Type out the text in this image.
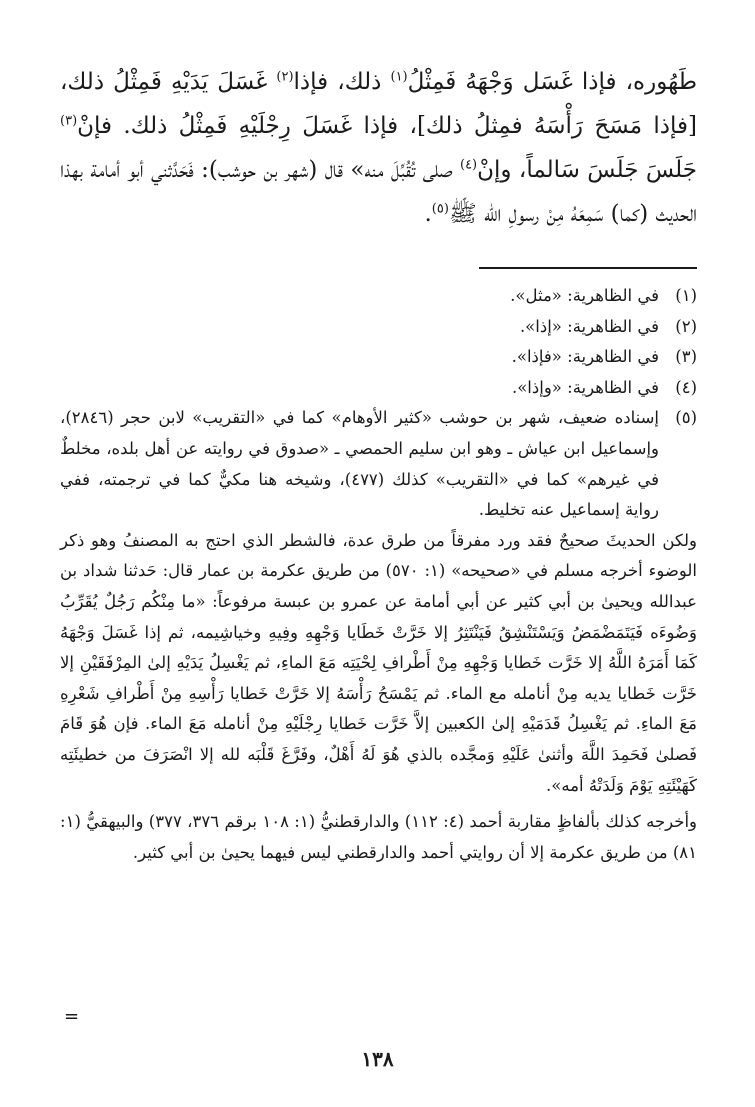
طَهُوره، فإذا غَسَل وَجْهَهُ فَمِثْلُ$^{(١)}$ ذلك، فإذا$^{(٢)}$ غَسَلَ يَدَيْهِ فَمِثْلُ ذلك، [فإذا مَسَحَ رَأْسَهُ فمِثلُ ذلك]، فإذا غَسَلَ رِجْلَيْهِ فَمِثْلُ ذلك. فإنْ$^{(٣)}$ جَلَسَ جَلَسَ سَالماً، وإنْ$^{(٤)}$ صلى تُقُبِّلَ منه» قال (شهر بن حوشب): فَحَدَّثني أبو أمامة بهذا الحديث (كما) سَمِعَهُ مِنْ رسولِ الله ﷺ$^{(٥)}$.

(١)
في الظاهرية: «مثل».
(٢)
في الظاهرية: «إذا».
(٣)
في الظاهرية: «فإذا».
(٤)
في الظاهرية: «وإذا».
(٥)
إسناده ضعيف، شهر بن حوشب «كثير الأوهام» كما في «التقريب» لابن حجر (٢٨٤٦)، وإسماعيل ابن عياش ـ وهو ابن سليم الحمصي ـ «صدوق في روايته عن أهل بلده، مخلطٌ في غيرهم» كما في «التقريب» كذلك (٤٧٧)، وشيخه هنا مكيٌّ كما في ترجمته، ففي رواية إسماعيل عنه تخليط.

ولكن الحديثَ صحيحٌ فقد ورد مفرقاً من طرق عدة، فالشطر الذي احتج به المصنفُ وهو ذكر الوضوء أخرجه مسلم في «صحيحه» (١: ٥٧٠) من طريق عكرمة بن عمار قال: حَدثنا شداد بن عبدالله ويحيىٰ بن أبي كثير عن أبي أمامة عن عمرو بن عبسة مرفوعاً: «ما مِنْكُم رَجُلٌ يُقَرِّبُ وَضُوءَه فَيَتَمَضْمَضُ وَيَسْتَنْشِقُ فَيَنْتَثِرُ إلا خَرَّتْ خَطَايا وَجْهِهِ وفِيهِ وخياشِيمه، ثم إذا غَسَلَ وَجْهَهُ كَمَا أَمَرَهُ اللَّهُ إلا خَرَّت خَطايا وَجْهِهِ مِنْ أَطْرافِ لِحْيَتِه مَعَ الماءِ، ثم يَغْسِلُ يَدَيْهِ إلىٰ المِرْفَقَيْنِ إلا خَرَّت خَطايا يديه مِنْ أنامله مع الماء. ثم يَمْسَحُ رَأْسَهُ إلا خَرَّتْ خَطايا رَأْسِهِ مِنْ أَطْرافِ شَعْرِهِ مَعَ الماءِ. ثم يَغْسِلُ قَدَمَيْهِ إلىٰ الكعبين إلاَّ خَرَّت خَطايا رِجْلَيْهِ مِنْ أنامله مَعَ الماء. فإن هُوَ قَامَ فَصلىٰ فَحَمِدَ اللَّهَ وأثنىٰ عَلَيْهِ وَمجَّده بالذي هُوَ لَهُ أَهْلٌ، وفَرَّغَ قَلْبَه لله إلا انْصَرَفَ من خطيئَتِه كَهَيْئَتِهِ يَوْمَ وَلَدَتْهُ أمه».

وأخرجه كذلك بألفاظٍ مقاربة أحمد (٤: ١١٢) والدارقطنيُّ (١: ١٠٨ برقم ٣٧٦، ٣٧٧) والبيهقيُّ (١: ٨١) من طريق عكرمة إلا أن روايتي أحمد والدارقطني ليس فيهما يحيىٰ بن أبي كثير.

=
١٣٨
